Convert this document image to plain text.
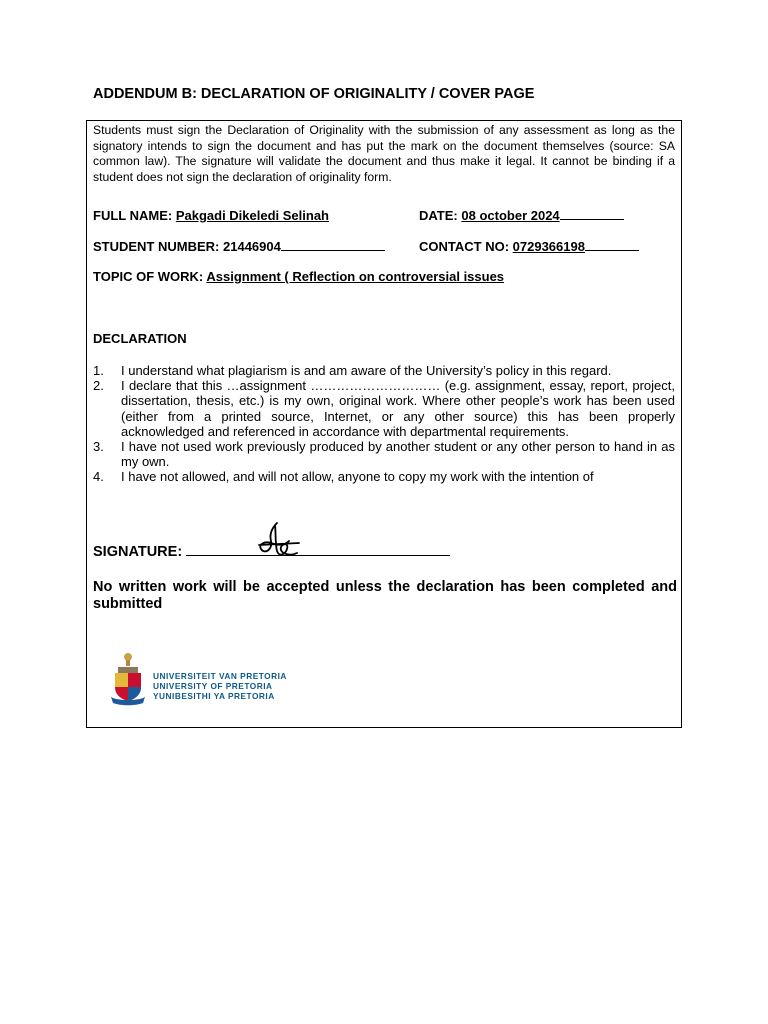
ADDENDUM B: DECLARATION OF ORIGINALITY / COVER PAGE
Students must sign the Declaration of Originality with the submission of any assessment as long as the signatory intends to sign the document and has put the mark on the document themselves (source: SA common law). The signature will validate the document and thus make it legal. It cannot be binding if a student does not sign the declaration of originality form.
FULL NAME: Pakgadi Dikeledi Selinah	DATE: 08 october 2024
STUDENT NUMBER: 21446904	CONTACT NO: 0729366198
TOPIC OF WORK: Assignment ( Reflection on controversial issues
DECLARATION
1. I understand what plagiarism is and am aware of the University’s policy in this regard.
2. I declare that this …assignment ………………………… (e.g. assignment, essay, report, project, dissertation, thesis, etc.) is my own, original work. Where other people’s work has been used (either from a printed source, Internet, or any other source) this has been properly acknowledged and referenced in accordance with departmental requirements.
3. I have not used work previously produced by another student or any other person to hand in as my own.
4. I have not allowed, and will not allow, anyone to copy my work with the intention of
SIGNATURE:
No written work will be accepted unless the declaration has been completed and submitted
UNIVERSITEIT VAN PRETORIA
UNIVERSITY OF PRETORIA
YUNIBESITHI YA PRETORIA
